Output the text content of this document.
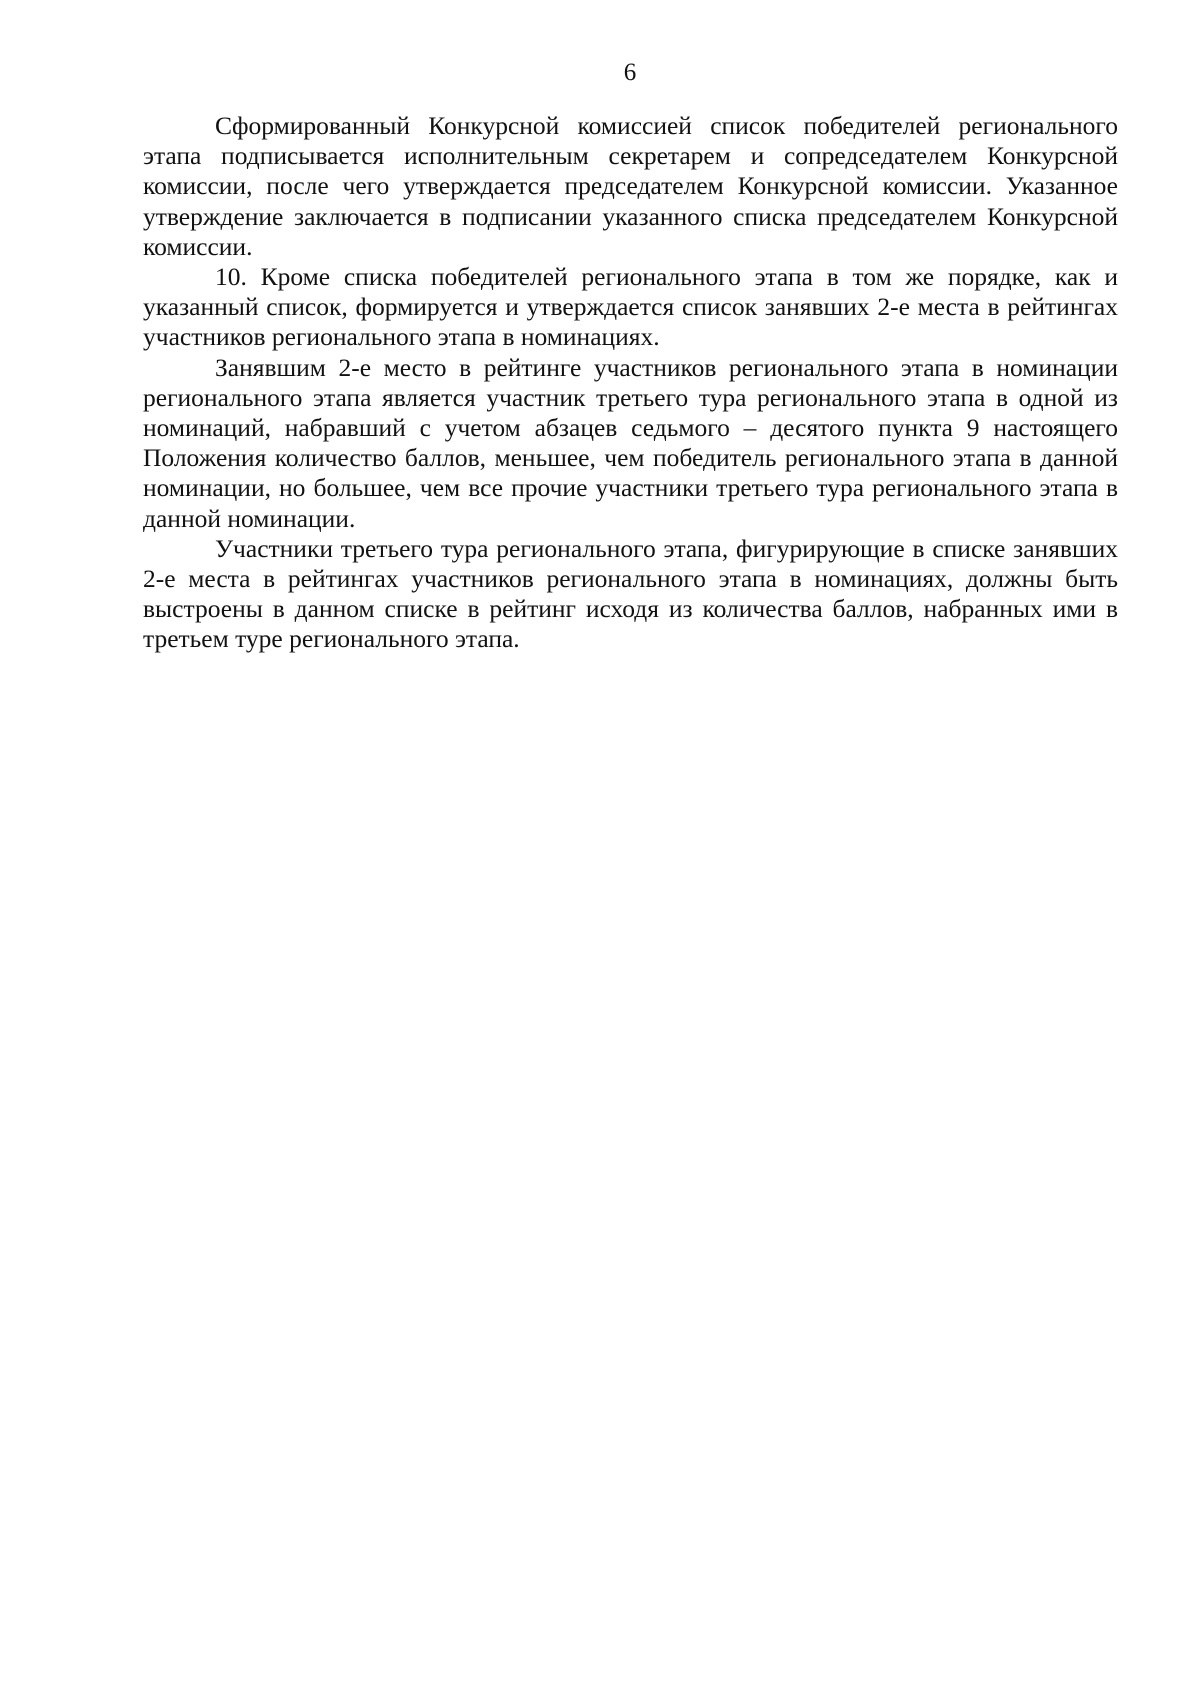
6

Сформированный Конкурсной комиссией список победителей регионального этапа подписывается исполнительным секретарем и сопредседателем Конкурсной комиссии, после чего утверждается председателем Конкурсной комиссии. Указанное утверждение заключается в подписании указанного списка председателем Конкурсной комиссии.

10. Кроме списка победителей регионального этапа в том же порядке, как и указанный список, формируется и утверждается список занявших 2-е места в рейтингах участников регионального этапа в номинациях.

Занявшим 2-е место в рейтинге участников регионального этапа в номинации регионального этапа является участник третьего тура регионального этапа в одной из номинаций, набравший с учетом абзацев седьмого – десятого пункта 9 настоящего Положения количество баллов, меньшее, чем победитель регионального этапа в данной номинации, но большее, чем все прочие участники третьего тура регионального этапа в данной номинации.

Участники третьего тура регионального этапа, фигурирующие в списке занявших 2-е места в рейтингах участников регионального этапа в номинациях, должны быть выстроены в данном списке в рейтинг исходя из количества баллов, набранных ими в третьем туре регионального этапа.
